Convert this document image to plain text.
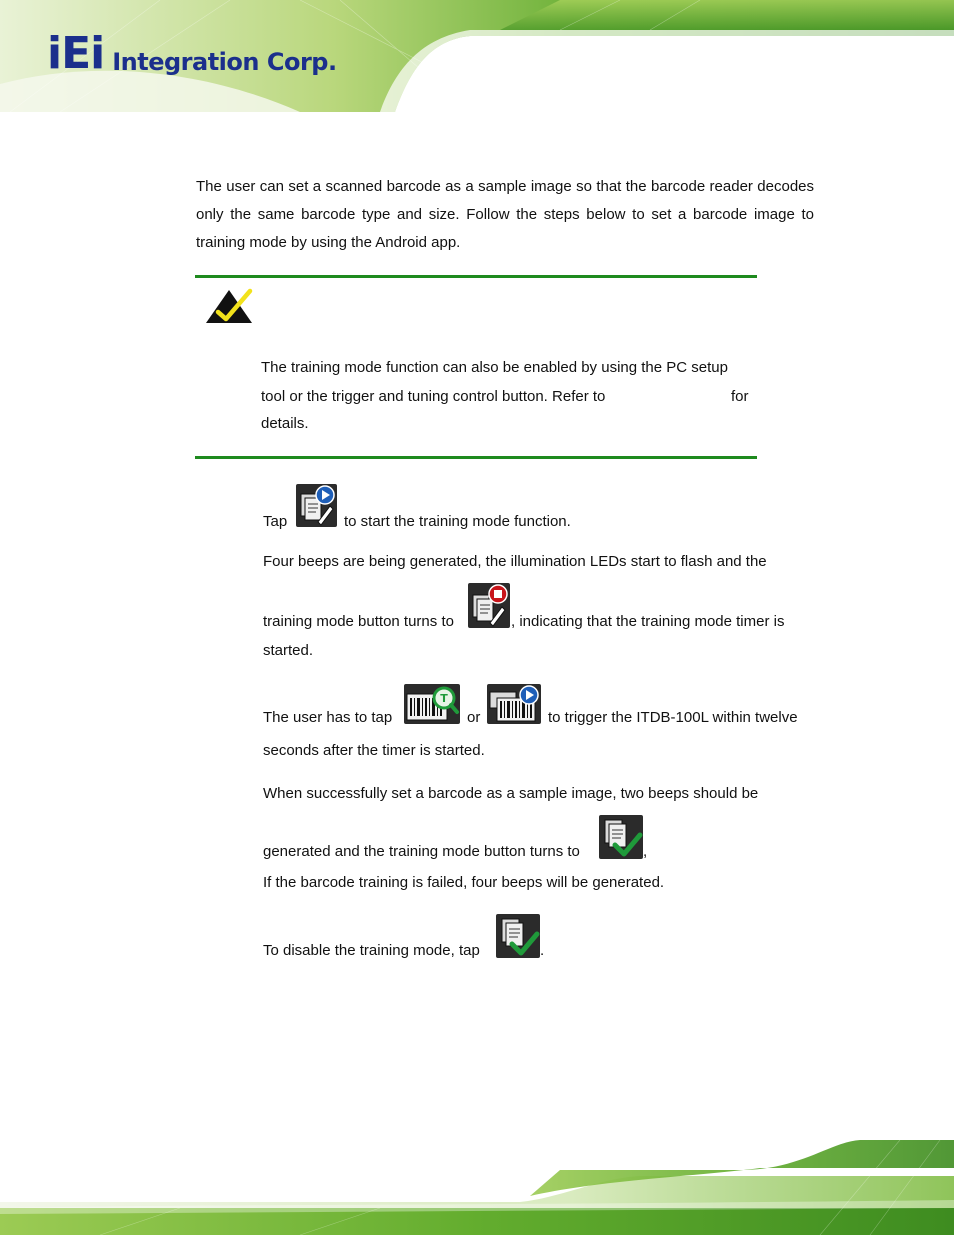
iEi Integration Corp.
The user can set a scanned barcode as a sample image so that the barcode reader decodes only the same barcode type and size. Follow the steps below to set a barcode image to training mode by using the Android app.
The training mode function can also be enabled by using the PC setup
tool or the trigger and tuning control button. Refer to	for
details.
Tap	to start the training mode function.
Four beeps are being generated, the illumination LEDs start to flash and the
training mode button turns to	, indicating that the training mode timer is
started.
The user has to tap
T
or	to trigger the ITDB-100L within twelve
seconds after the timer is started.
When successfully set a barcode as a sample image, two beeps should be
generated and the training mode button turns to	,
If the barcode training is failed, four beeps will be generated.
To disable the training mode, tap	.
